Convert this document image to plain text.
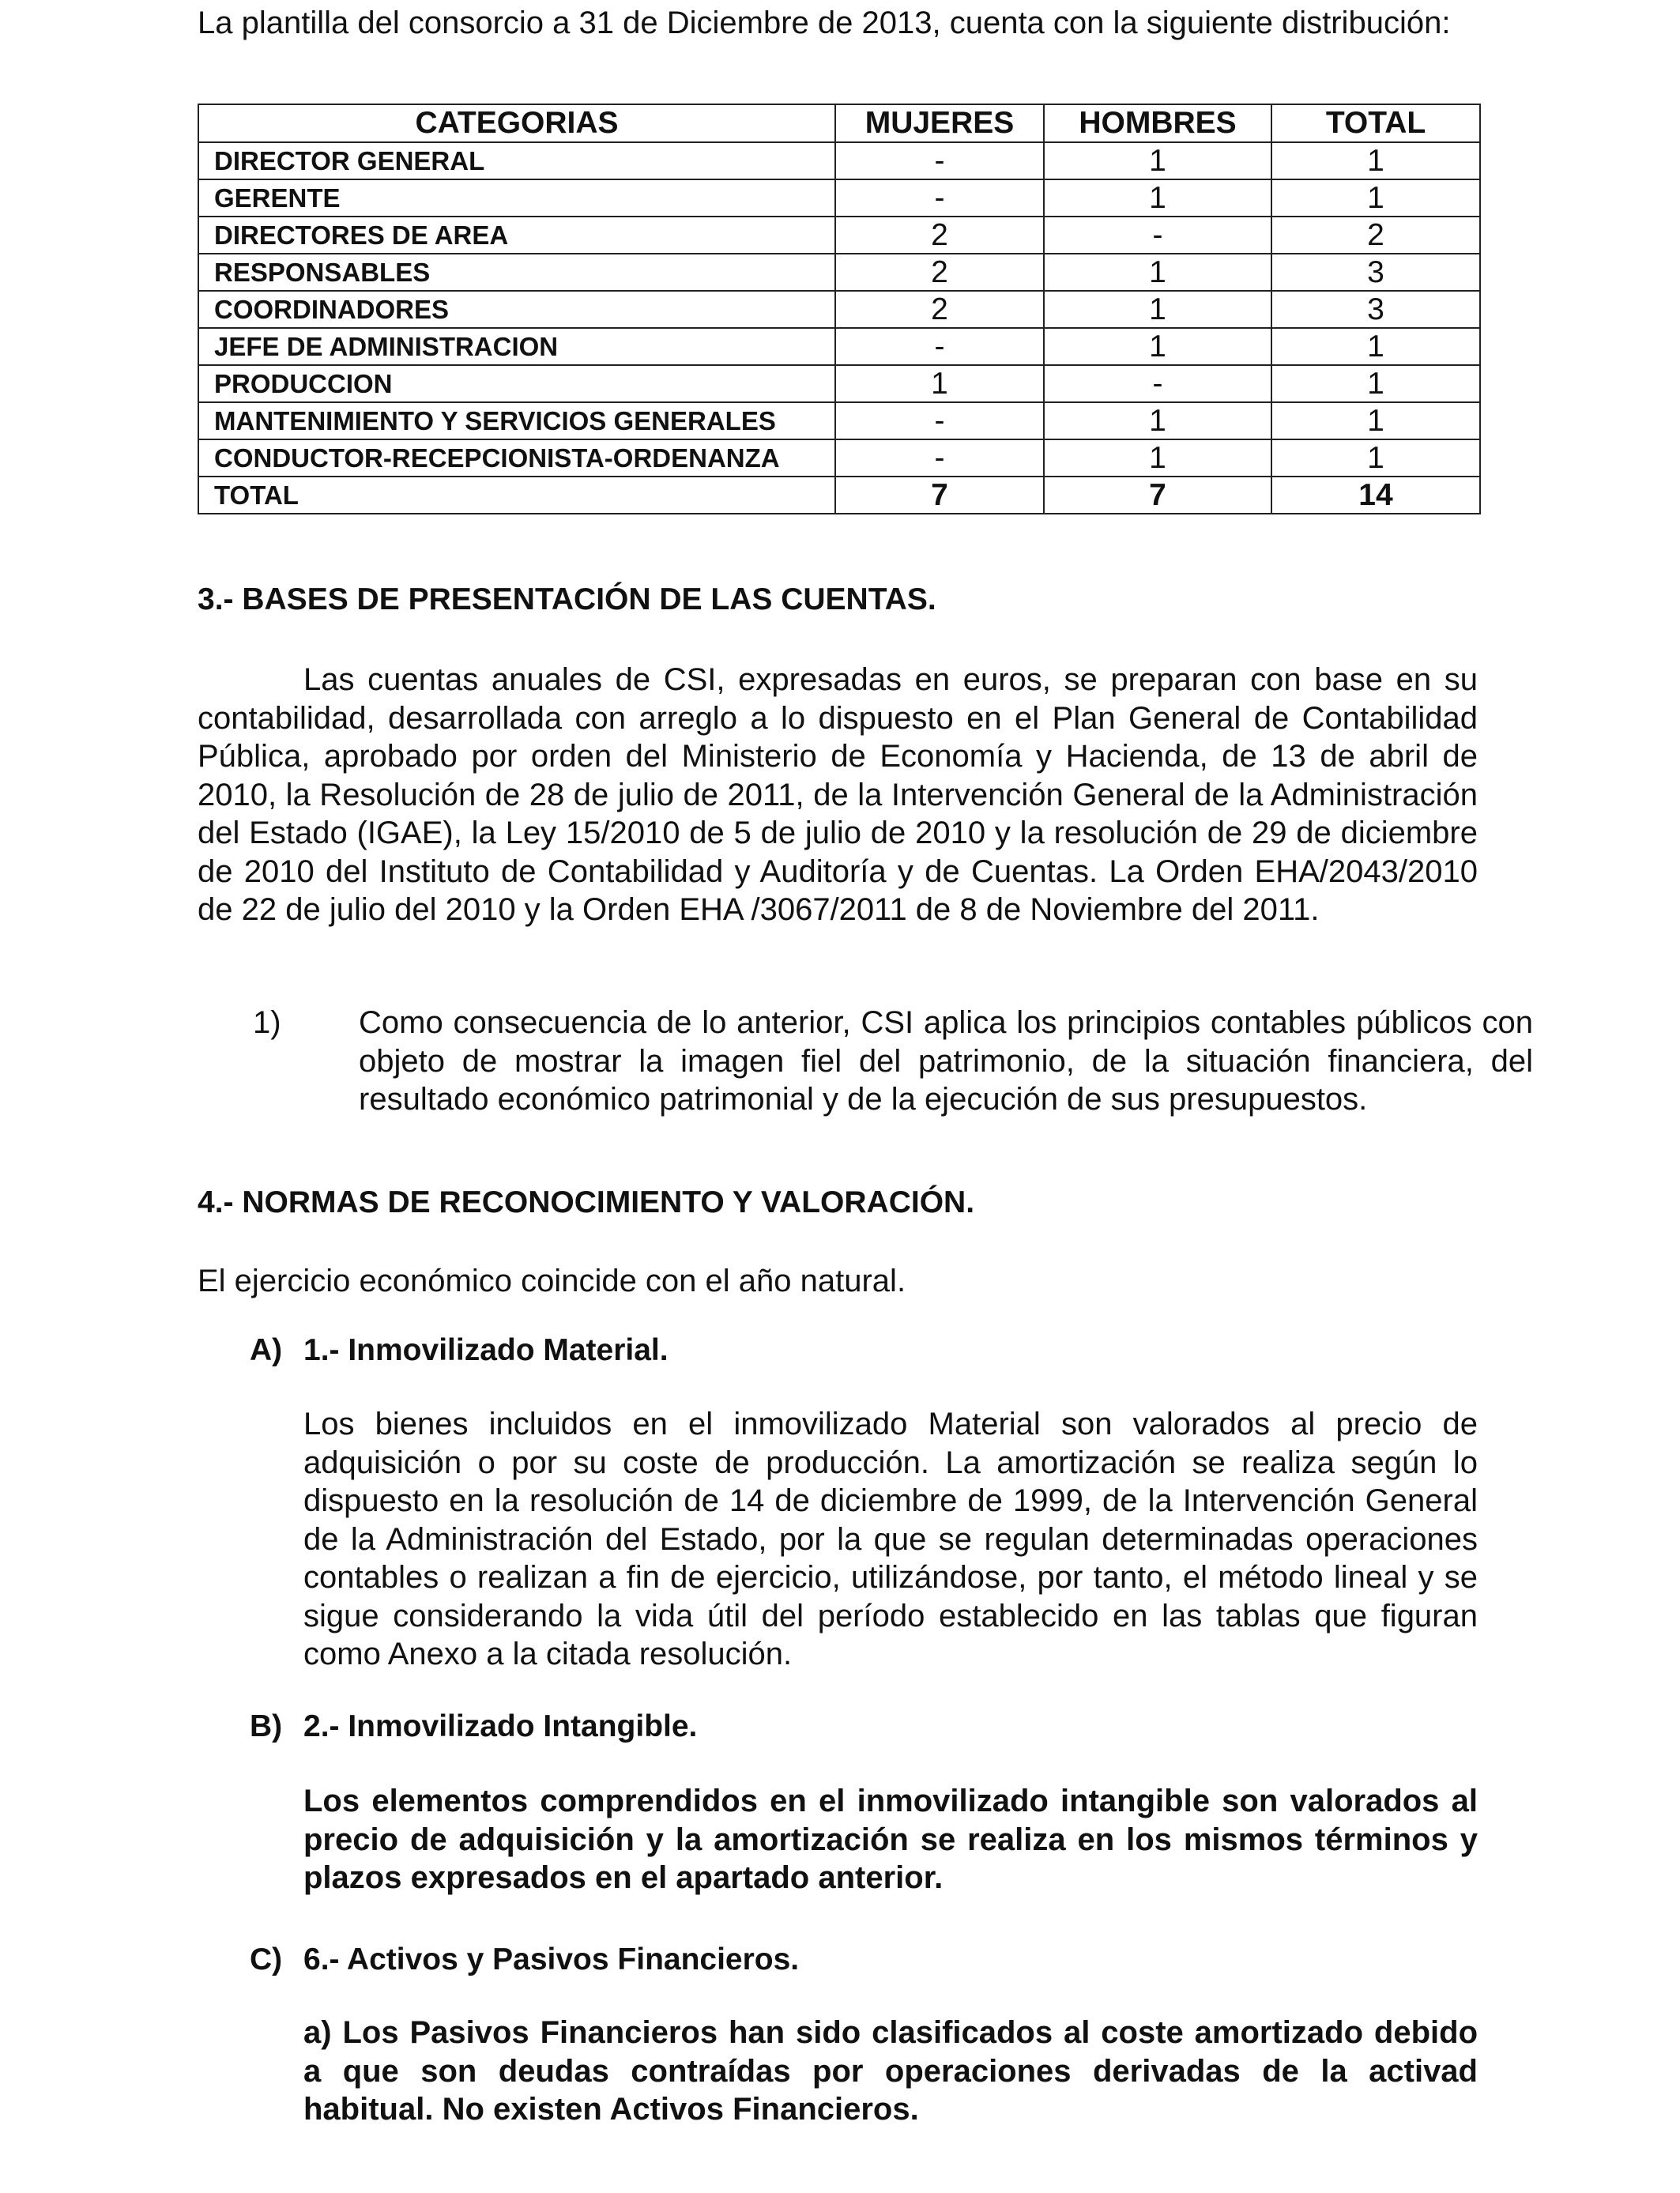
La plantilla del consorcio a 31 de Diciembre de 2013, cuenta con la siguiente distribución:

CATEGORIAS	MUJERES	HOMBRES	TOTAL
DIRECTOR GENERAL	-	1	1
GERENTE	-	1	1
DIRECTORES DE AREA	2	-	2
RESPONSABLES	2	1	3
COORDINADORES	2	1	3
JEFE DE ADMINISTRACION	-	1	1
PRODUCCION	1	-	1
MANTENIMIENTO Y SERVICIOS GENERALES	-	1	1
CONDUCTOR-RECEPCIONISTA-ORDENANZA	-	1	1
TOTAL	7	7	14
3.- BASES DE PRESENTACIÓN DE LAS CUENTAS.

Las cuentas anuales de CSI, expresadas en euros, se preparan con base en su contabilidad, desarrollada con arreglo a lo dispuesto en el Plan General de Contabilidad Pública, aprobado por orden del Ministerio de Economía y Hacienda, de 13 de abril de 2010, la Resolución de 28 de julio de 2011, de la Intervención General de la Administración del Estado (IGAE), la Ley 15/2010 de 5 de julio de 2010 y la resolución de 29 de diciembre de 2010 del Instituto de Contabilidad y Auditoría y de Cuentas. La Orden EHA/2043/2010 de 22 de julio del 2010 y la Orden EHA /3067/2011 de 8 de Noviembre del 2011.

1) Como consecuencia de lo anterior, CSI aplica los principios contables públicos con objeto de mostrar la imagen fiel del patrimonio, de la situación financiera, del resultado económico patrimonial y de la ejecución de sus presupuestos.
4.- NORMAS DE RECONOCIMIENTO Y VALORACIÓN.

El ejercicio económico coincide con el año natural.

A) 1.- Inmovilizado Material.

Los bienes incluidos en el inmovilizado Material son valorados al precio de adquisición o por su coste de producción. La amortización se realiza según lo dispuesto en la resolución de 14 de diciembre de 1999, de la Intervención General de la Administración del Estado, por la que se regulan determinadas operaciones contables o realizan a fin de ejercicio, utilizándose, por tanto, el método lineal y se sigue considerando la vida útil del período establecido en las tablas que figuran como Anexo a la citada resolución.

B) 2.- Inmovilizado Intangible.

Los elementos comprendidos en el inmovilizado intangible son valorados al precio de adquisición y la amortización se realiza en los mismos términos y plazos expresados en el apartado anterior.

C) 6.- Activos y Pasivos Financieros.

a) Los Pasivos Financieros han sido clasificados al coste amortizado debido a que son deudas contraídas por operaciones derivadas de la activad habitual. No existen Activos Financieros.
